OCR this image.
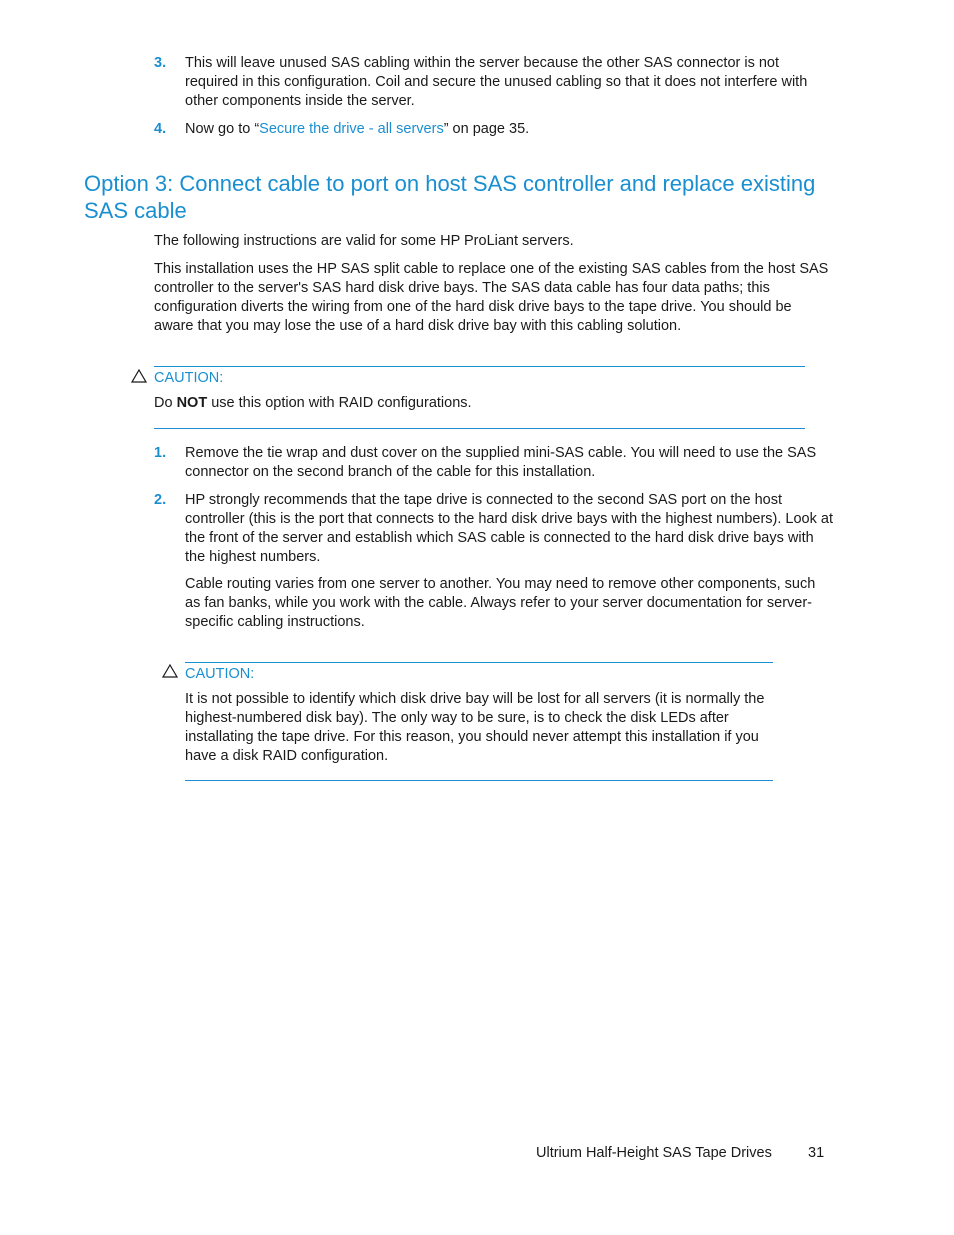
3. This will leave unused SAS cabling within the server because the other SAS connector is not required in this configuration. Coil and secure the unused cabling so that it does not interfere with other components inside the server.

4. Now go to “Secure the drive - all servers” on page 35.

Option 3: Connect cable to port on host SAS controller and replace existing SAS cable

The following instructions are valid for some HP ProLiant servers.

This installation uses the HP SAS split cable to replace one of the existing SAS cables from the host SAS controller to the server's SAS hard disk drive bays. The SAS data cable has four data paths; this configuration diverts the wiring from one of the hard disk drive bays to the tape drive. You should be aware that you may lose the use of a hard disk drive bay with this cabling solution.

CAUTION:

Do NOT use this option with RAID configurations.

1. Remove the tie wrap and dust cover on the supplied mini-SAS cable. You will need to use the SAS connector on the second branch of the cable for this installation.

2. HP strongly recommends that the tape drive is connected to the second SAS port on the host controller (this is the port that connects to the hard disk drive bays with the highest numbers). Look at the front of the server and establish which SAS cable is connected to the hard disk drive bays with the highest numbers.

Cable routing varies from one server to another. You may need to remove other components, such as fan banks, while you work with the cable. Always refer to your server documentation for server-specific cabling instructions.

CAUTION:

It is not possible to identify which disk drive bay will be lost for all servers (it is normally the highest-numbered disk bay). The only way to be sure, is to check the disk LEDs after installating the tape drive. For this reason, you should never attempt this installation if you have a disk RAID configuration.

Ultrium Half-Height SAS Tape Drives 31
